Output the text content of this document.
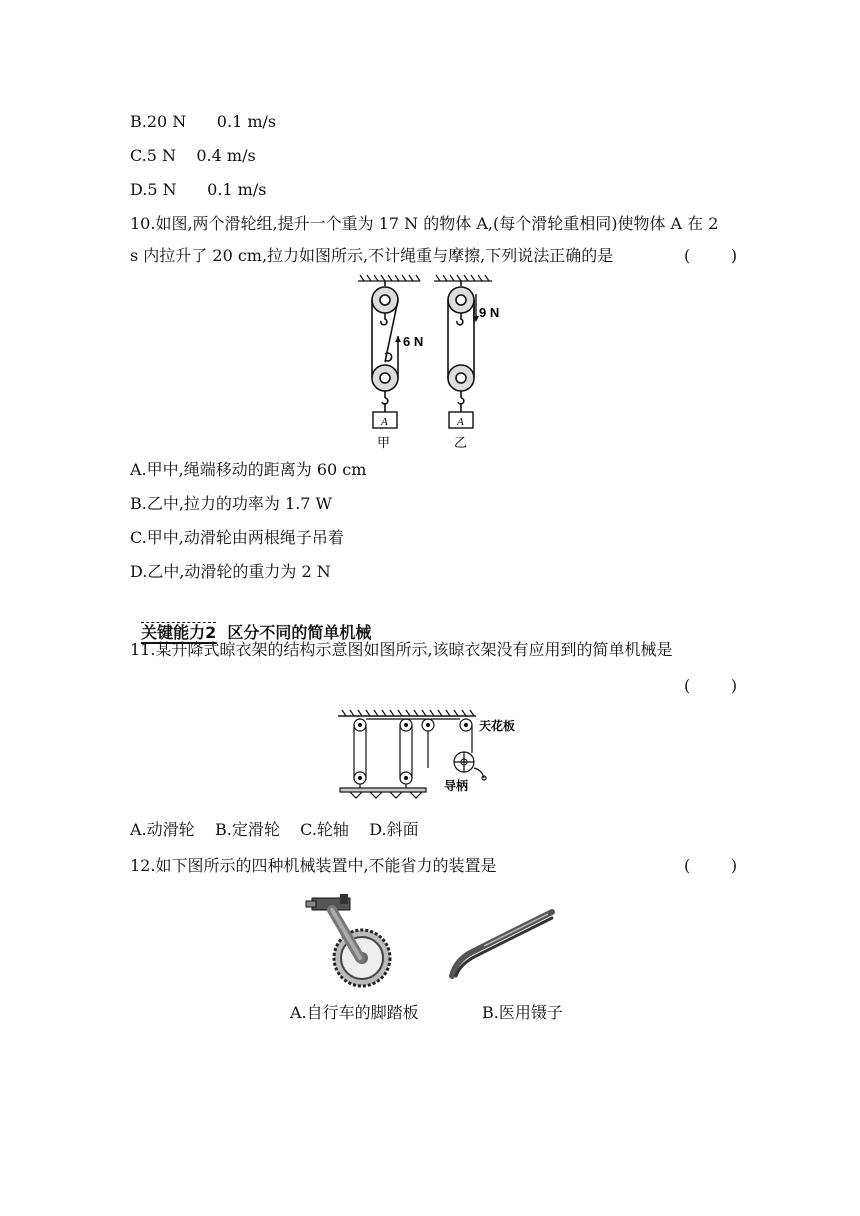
B.20 N      0.1 m/s
C.5 N    0.4 m/s
D.5 N      0.1 m/s
10.如图,两个滑轮组,提升一个重为 17 N 的物体 A,(每个滑轮重相同)使物体 A 在 2
s 内拉升了 20 cm,拉力如图所示,不计绳重与摩擦,下列说法正确的是	(        )
6 N
A
甲
9 N
A
乙
A.甲中,绳端移动的距离为 60 cm
B.乙中,拉力的功率为 1.7 W
C.甲中,动滑轮由两根绳子吊着
D.乙中,动滑轮的重力为 2 N

关键能力2 区分不同的简单机械

11.某升降式晾衣架的结构示意图如图所示,该晾衣架没有应用到的简单机械是
(        )
天花板
导柄
A.动滑轮    B.定滑轮    C.轮轴    D.斜面
12.如下图所示的四种机械装置中,不能省力的装置是	(        )
A.自行车的脚踏板	B.医用镊子
